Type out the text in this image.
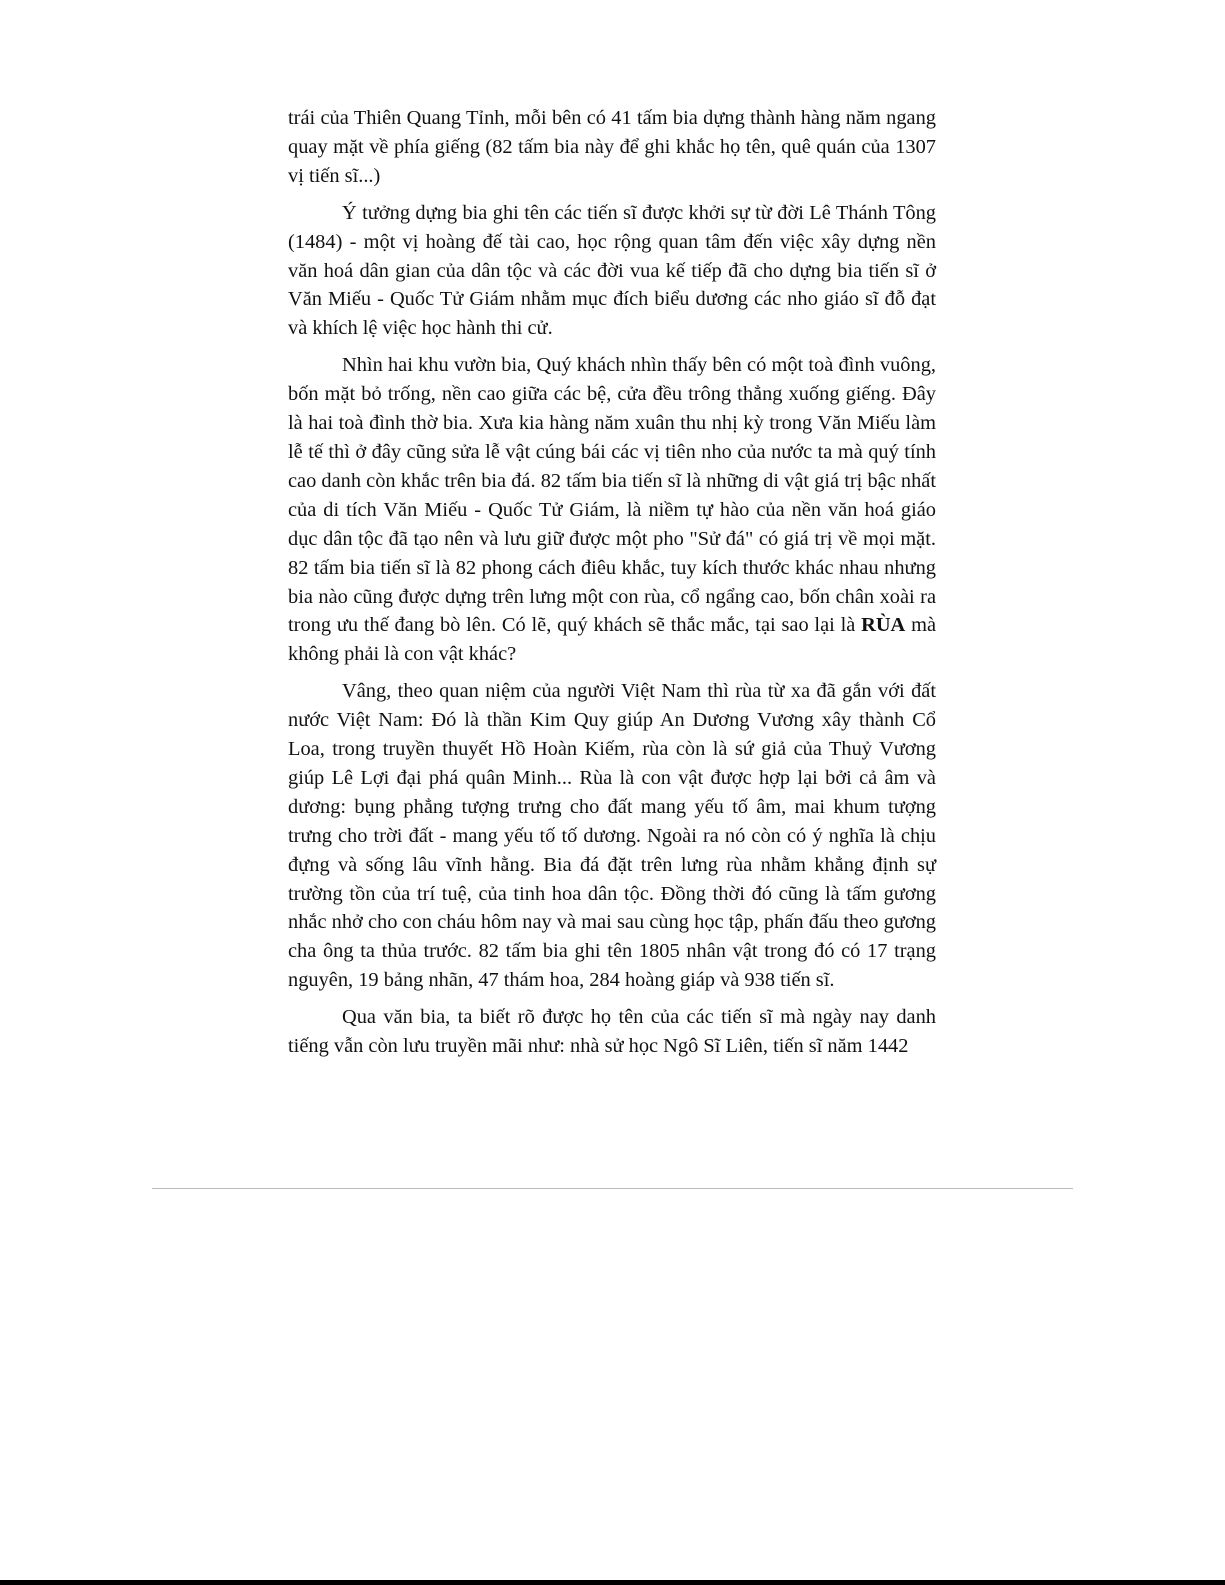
trái của Thiên Quang Tỉnh, mỗi bên có 41 tấm bia dựng thành hàng năm ngang quay mặt về phía giếng (82 tấm bia này để ghi khắc họ tên, quê quán của 1307 vị tiến sĩ...)

Ý tưởng dựng bia ghi tên các tiến sĩ được khởi sự từ đời Lê Thánh Tông (1484) - một vị hoàng đế tài cao, học rộng quan tâm đến việc xây dựng nền văn hoá dân gian của dân tộc và các đời vua kế tiếp đã cho dựng bia tiến sĩ ở Văn Miếu - Quốc Tử Giám nhằm mục đích biểu dương các nho giáo sĩ đỗ đạt và khích lệ việc học hành thi cử.

Nhìn hai khu vườn bia, Quý khách nhìn thấy bên có một toà đình vuông, bốn mặt bỏ trống, nền cao giữa các bệ, cửa đều trông thẳng xuống giếng. Đây là hai toà đình thờ bia. Xưa kia hàng năm xuân thu nhị kỳ trong Văn Miếu làm lễ tế thì ở đây cũng sửa lễ vật cúng bái các vị tiên nho của nước ta mà quý tính cao danh còn khắc trên bia đá. 82 tấm bia tiến sĩ là những di vật giá trị bậc nhất của di tích Văn Miếu - Quốc Tử Giám, là niềm tự hào của nền văn hoá giáo dục dân tộc đã tạo nên và lưu giữ được một pho "Sử đá" có giá trị về mọi mặt. 82 tấm bia tiến sĩ là 82 phong cách điêu khắc, tuy kích thước khác nhau nhưng bia nào cũng được dựng trên lưng một con rùa, cổ ngẩng cao, bốn chân xoài ra trong ưu thế đang bò lên. Có lẽ, quý khách sẽ thắc mắc, tại sao lại là RÙA mà không phải là con vật khác?

Vâng, theo quan niệm của người Việt Nam thì rùa từ xa đã gắn với đất nước Việt Nam: Đó là thần Kim Quy giúp An Dương Vương xây thành Cổ Loa, trong truyền thuyết Hồ Hoàn Kiếm, rùa còn là sứ giả của Thuỷ Vương giúp Lê Lợi đại phá quân Minh... Rùa là con vật được hợp lại bởi cả âm và dương: bụng phẳng tượng trưng cho đất mang yếu tố âm, mai khum tượng trưng cho trời đất - mang yếu tố tố dương. Ngoài ra nó còn có ý nghĩa là chịu đựng và sống lâu vĩnh hằng. Bia đá đặt trên lưng rùa nhằm khẳng định sự trường tồn của trí tuệ, của tinh hoa dân tộc. Đồng thời đó cũng là tấm gương nhắc nhở cho con cháu hôm nay và mai sau cùng học tập, phấn đấu theo gương cha ông ta thủa trước. 82 tấm bia ghi tên 1805 nhân vật trong đó có 17 trạng nguyên, 19 bảng nhãn, 47 thám hoa, 284 hoàng giáp và 938 tiến sĩ.

Qua văn bia, ta biết rõ được họ tên của các tiến sĩ mà ngày nay danh tiếng vẫn còn lưu truyền mãi như: nhà sử học Ngô Sĩ Liên, tiến sĩ năm 1442
